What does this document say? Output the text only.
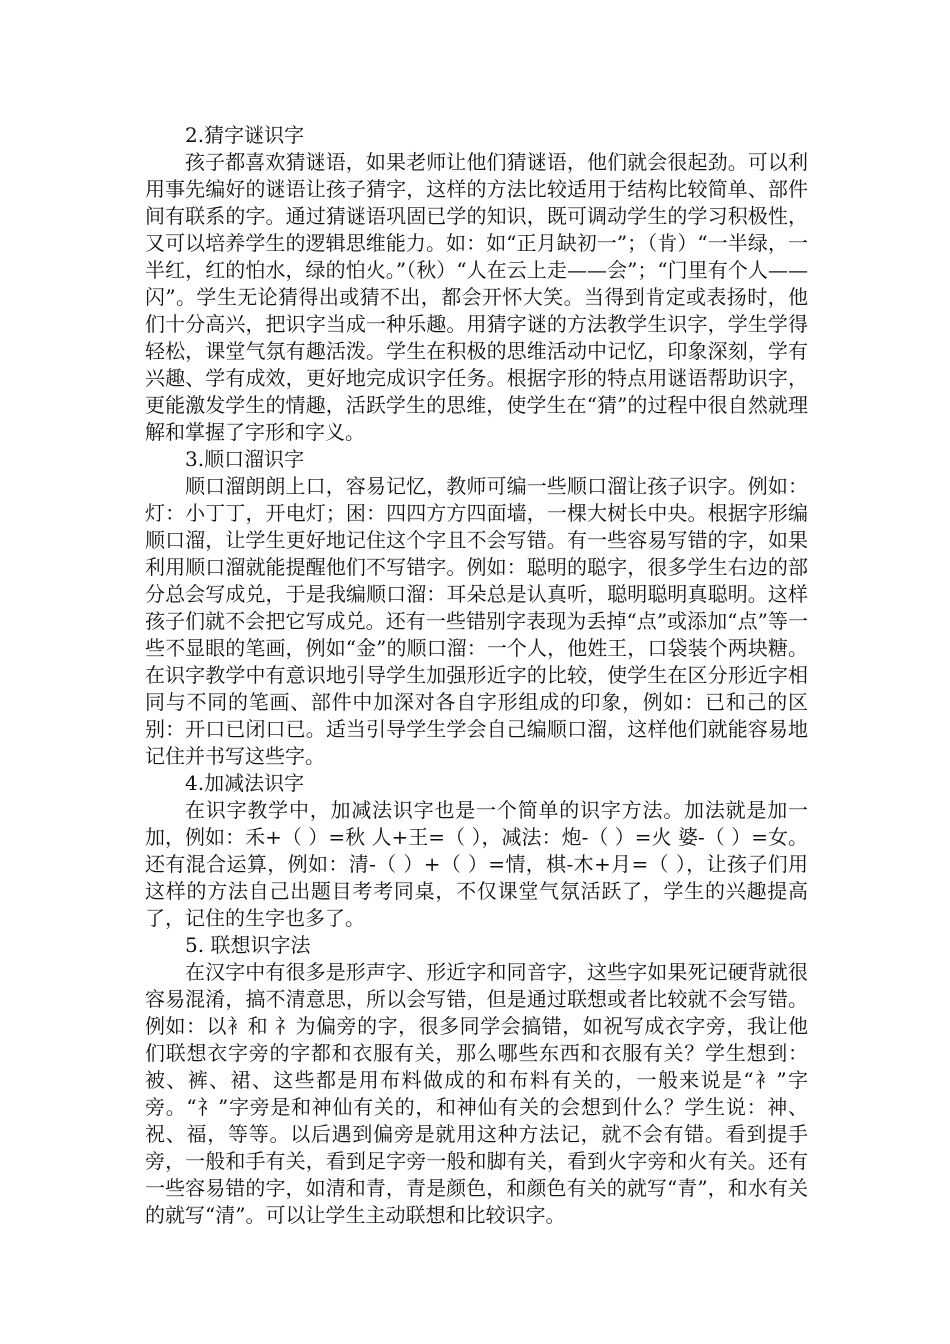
2.猜字谜识字
孩子都喜欢猜谜语，如果老师让他们猜谜语，他们就会很起劲。可以利用事先编好的谜语让孩子猜字，这样的方法比较适用于结构比较简单、部件间有联系的字。通过猜谜语巩固已学的知识，既可调动学生的学习积极性，又可以培养学生的逻辑思维能力。如：如“正月缺初一”；（肯）“一半绿，一半红，红的怕水，绿的怕火。”（秋）“人在云上走——会”；“门里有个人——闪”。学生无论猜得出或猜不出，都会开怀大笑。当得到肯定或表扬时，他们十分高兴，把识字当成一种乐趣。用猜字谜的方法教学生识字，学生学得轻松，课堂气氛有趣活泼。学生在积极的思维活动中记忆，印象深刻，学有兴趣、学有成效，更好地完成识字任务。根据字形的特点用谜语帮助识字，更能激发学生的情趣，活跃学生的思维，使学生在“猜”的过程中很自然就理解和掌握了字形和字义。
3.顺口溜识字
顺口溜朗朗上口，容易记忆，教师可编一些顺口溜让孩子识字。例如：灯：小丁丁，开电灯；困：四四方方四面墙，一棵大树长中央。根据字形编顺口溜，让学生更好地记住这个字且不会写错。有一些容易写错的字，如果利用顺口溜就能提醒他们不写错字。例如：聪明的聪字，很多学生右边的部分总会写成兑，于是我编顺口溜：耳朵总是认真听，聪明聪明真聪明。这样孩子们就不会把它写成兑。还有一些错别字表现为丢掉“点”或添加“点”等一些不显眼的笔画，例如“金”的顺口溜：一个人，他姓王，口袋装个两块糖。在识字教学中有意识地引导学生加强形近字的比较，使学生在区分形近字相同与不同的笔画、部件中加深对各自字形组成的印象，例如：已和己的区别：开口已闭口已。适当引导学生学会自己编顺口溜，这样他们就能容易地记住并书写这些字。
4.加减法识字
在识字教学中，加减法识字也是一个简单的识字方法。加法就是加一加，例如：禾+（ ）=秋 人+王=（ ），减法：炮-（ ）=火 婆-（ ）=女。还有混合运算，例如：清-（ ）+（ ）=情，棋-木+月=（ ），让孩子们用这样的方法自己出题目考考同桌，不仅课堂气氛活跃了，学生的兴趣提高了，记住的生字也多了。
5. 联想识字法
在汉字中有很多是形声字、形近字和同音字，这些字如果死记硬背就很容易混淆，搞不清意思，所以会写错，但是通过联想或者比较就不会写错。例如：以衤和 礻为偏旁的字，很多同学会搞错，如祝写成衣字旁，我让他们联想衣字旁的字都和衣服有关，那么哪些东西和衣服有关？学生想到：被、裤、裙、这些都是用布料做成的和布料有关的，一般来说是“衤”字旁。“礻”字旁是和神仙有关的，和神仙有关的会想到什么？学生说：神、祝、福，等等。以后遇到偏旁是就用这种方法记，就不会有错。看到提手旁，一般和手有关，看到足字旁一般和脚有关，看到火字旁和火有关。还有一些容易错的字，如清和青，青是颜色，和颜色有关的就写“青”，和水有关的就写“清”。可以让学生主动联想和比较识字。
